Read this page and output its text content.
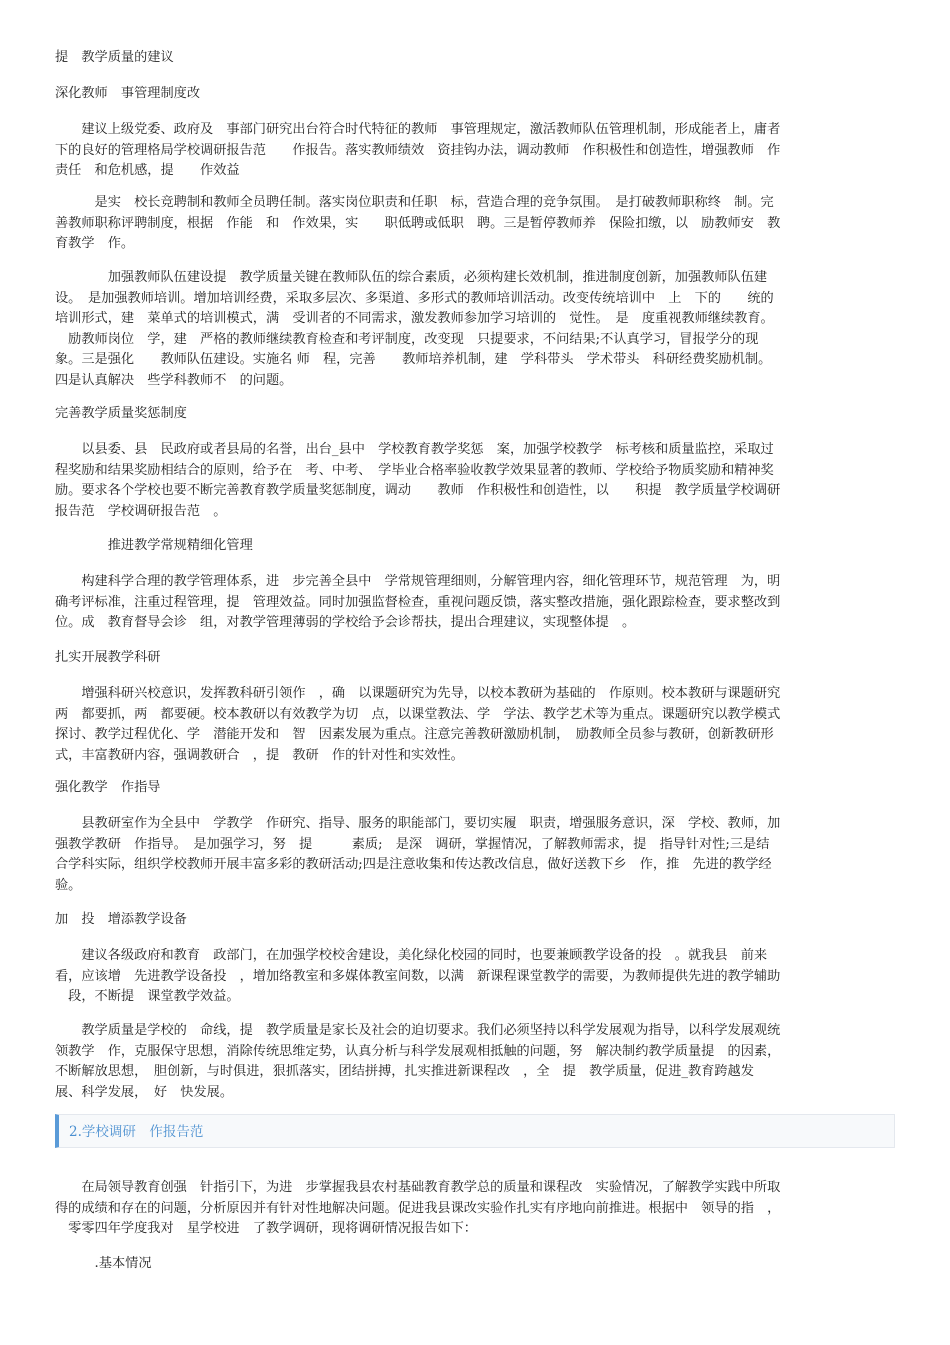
提　教学质量的建议
深化教师　事管理制度改
　　建议上级党委、政府及　事部门研究出台符合时代特征的教师　事管理规定，激活教师队伍管理机制，形成能者上，庸者
下的良好的管理格局学校调研报告范　　作报告。落实教师绩效　资挂钩办法，调动教师　作积极性和创造性，增强教师　作
责任　和危机感，提　　作效益
　　　是实　校长竞聘制和教师全员聘任制。落实岗位职责和任职　标，营造合理的竞争氛围。　是打破教师职称终　制。完
善教师职称评聘制度，根据　作能　和　作效果，实　　职低聘或低职　聘。三是暂停教师养　保险扣缴，以　励教师安　教
育教学　作。
　　　　加强教师队伍建设提　教学质量关键在教师队伍的综合素质，必须构建长效机制，推进制度创新，加强教师队伍建
设。　是加强教师培训。增加培训经费，采取多层次、多渠道、多形式的教师培训活动。改变传统培训中　上　下的　　统的
培训形式，建　菜单式的培训模式，满　受训者的不同需求，激发教师参加学习培训的　觉性。　是　度重视教师继续教育。
　励教师岗位　学，建　严格的教师继续教育检查和考评制度，改变现　只提要求，不问结果;不认真学习，冒报学分的现
象。三是强化　　教师队伍建设。实施名 师　程，完善　　教师培养机制，建　学科带头　学术带头　科研经费奖励机制。
四是认真解决　些学科教师不　的问题。
完善教学质量奖惩制度
　　以县委、县　民政府或者县局的名誉，出台_县中　学校教育教学奖惩　案，加强学校教学　标考核和质量监控，采取过
程奖励和结果奖励相结合的原则，给予在　考、中考、　学毕业合格率验收教学效果显著的教师、学校给予物质奖励和精神奖
励。要求各个学校也要不断完善教育教学质量奖惩制度，调动　　教师　作积极性和创造性，以　　积提　教学质量学校调研
报告范　学校调研报告范　。
　　　　推进教学常规精细化管理
　　构建科学合理的教学管理体系，进　步完善全县中　学常规管理细则，分解管理内容，细化管理环节，规范管理　为，明
确考评标准，注重过程管理，提　管理效益。同时加强监督检查，重视问题反馈，落实整改措施，强化跟踪检查，要求整改到
位。成　教育督导会诊　组，对教学管理薄弱的学校给予会诊帮扶，提出合理建议，实现整体提　。
扎实开展教学科研
　　增强科研兴校意识，发挥教科研引领作　，确　以课题研究为先导，以校本教研为基础的　作原则。校本教研与课题研究
两　都要抓，两　都要硬。校本教研以有效教学为切　点，以课堂教法、学　学法、教学艺术等为重点。课题研究以教学模式
探讨、教学过程优化、学　潜能开发和　智　因素发展为重点。注意完善教研激励机制，　励教师全员参与教研，创新教研形
式，丰富教研内容，强调教研合　，提　教研　作的针对性和实效性。
强化教学　作指导
　　县教研室作为全县中　学教学　作研究、指导、服务的职能部门，要切实履　职责，增强服务意识，深　学校、教师，加
强教学教研　作指导。　是加强学习，努　提　　　素质;　是深　调研，掌握情况，了解教师需求，提　指导针对性;三是结
合学科实际，组织学校教师开展丰富多彩的教研活动;四是注意收集和传达教改信息，做好送教下乡　作，推　先进的教学经
验。
加　投　增添教学设备
　　建议各级政府和教育　政部门，在加强学校校舍建设，美化绿化校园的同时，也要兼顾教学设备的投　。就我县　前来
看，应该增　先进教学设备投　，增加络教室和多媒体教室间数，以满　新课程课堂教学的需要，为教师提供先进的教学辅助
　段，不断提　课堂教学效益。
　　教学质量是学校的　命线，提　教学质量是家长及社会的迫切要求。我们必须坚持以科学发展观为指导，以科学发展观统
领教学　作，克服保守思想，消除传统思维定势，认真分析与科学发展观相抵触的问题，努　解决制约教学质量提　的因素，
不断解放思想，　胆创新，与时俱进，狠抓落实，团结拼搏，扎实推进新课程改　，全　提　教学质量，促进_教育跨越发
展、科学发展，　好　快发展。
2.学校调研　作报告范
　　在局领导教育创强　针指引下，为进　步掌握我县农村基础教育教学总的质量和课程改　实验情况，了解教学实践中所取
得的成绩和存在的问题，分析原因并有针对性地解决问题。促进我县课改实验作扎实有序地向前推进。根据中　领导的指　，
　零零四年学度我对　星学校进　了教学调研，现将调研情况报告如下：
　　　.基本情况
